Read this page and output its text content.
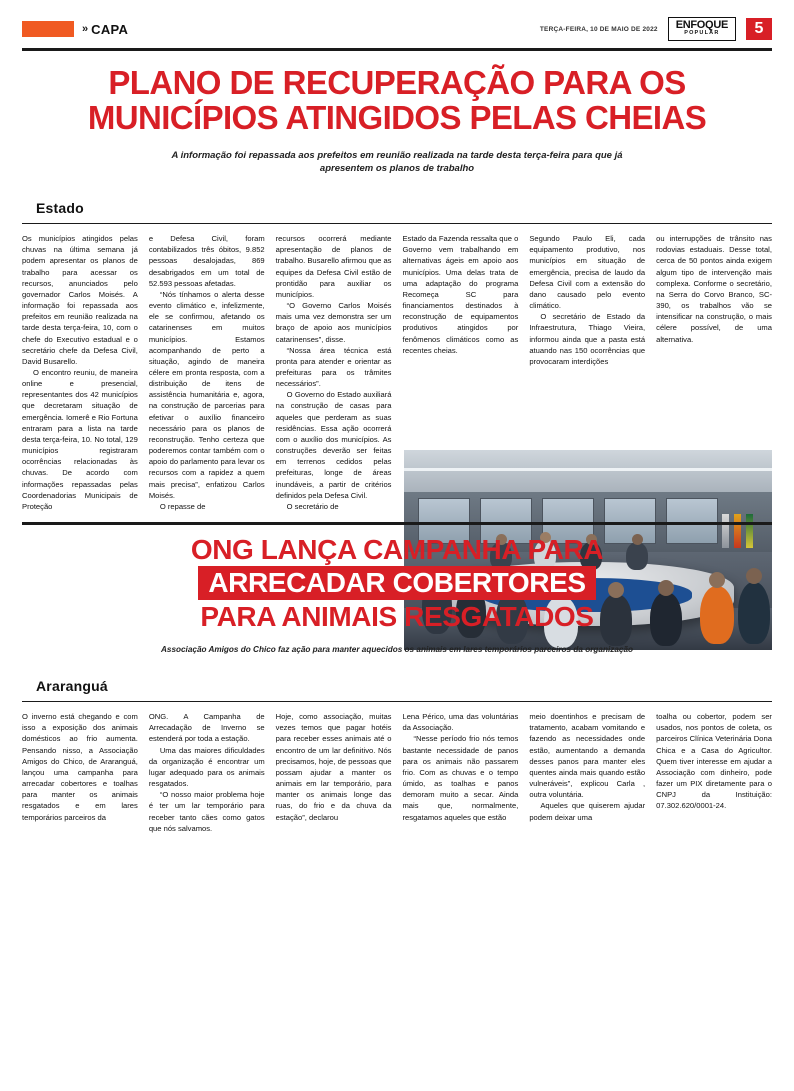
» CAPA	TERÇA-FEIRA, 10 DE MAIO DE 2022 ENFOQUE
POPULAR	5
PLANO DE RECUPERAÇÃO PARA OS
MUNICÍPIOS ATINGIDOS PELAS CHEIAS
A informação foi repassada aos prefeitos em reunião realizada na tarde desta terça-feira para que já apresentem os planos de trabalho
Estado

Os municípios atingidos pelas chuvas na última semana já podem apresentar os planos de trabalho para acessar os recursos, anunciados pelo governador Carlos Moisés. A informação foi repassada aos prefeitos em reunião realizada na tarde desta terça-feira, 10, com o chefe do Executivo estadual e o secretário chefe da Defesa Civil, David Busarello.

O encontro reuniu, de maneira online e presencial, representantes dos 42 municípios que decretaram situação de emergência. Iomerê e Rio Fortuna entraram para a lista na tarde desta terça-feira, 10. No total, 129 municípios registraram ocorrências relacionadas às chuvas. De acordo com informações repassadas pelas Coordenadorias Municipais de Proteção

e Defesa Civil, foram contabilizados três óbitos, 9.852 pessoas desalojadas, 869 desabrigados em um total de 52.593 pessoas afetadas.

“Nós tínhamos o alerta desse evento climático e, infelizmente, ele se confirmou, afetando os catarinenses em muitos municípios. Estamos acompanhando de perto a situação, agindo de maneira célere em pronta resposta, com a distribuição de itens de assistência humanitária e, agora, na construção de parcerias para efetivar o auxílio financeiro necessário para os planos de reconstrução. Tenho certeza que poderemos contar também com o apoio do parlamento para levar os recursos com a rapidez a quem mais precisa”, enfatizou Carlos Moisés.

O repasse de

recursos ocorrerá mediante apresentação de planos de trabalho. Busarello afirmou que as equipes da Defesa Civil estão de prontidão para auxiliar os municípios.

“O Governo Carlos Moisés mais uma vez demonstra ser um braço de apoio aos municípios catarinenses”, disse.

“Nossa área técnica está pronta para atender e orientar as prefeituras para os trâmites necessários”.

O Governo do Estado auxiliará na construção de casas para aqueles que perderam as suas residências. Essa ação ocorrerá com o auxílio dos municípios. As construções deverão ser feitas em terrenos cedidos pelas prefeituras, longe de áreas inundáveis, a partir de critérios definidos pela Defesa Civil.

O secretário de

Estado da Fazenda ressalta que o Governo vem trabalhando em alternativas ágeis em apoio aos municípios. Uma delas trata de uma adaptação do programa Recomeça SC para financiamentos destinados à reconstrução de equipamentos produtivos atingidos por fenômenos climáticos como as recentes cheias.

Segundo Paulo Eli, cada equipamento produtivo, nos municípios em situação de emergência, precisa de laudo da Defesa Civil com a extensão do dano causado pelo evento climático.

O secretário de Estado da Infraestrutura, Thiago Vieira, informou ainda que a pasta está atuando nas 150 ocorrências que provocaram interdições

ou interrupções de trânsito nas rodovias estaduais. Desse total, cerca de 50 pontos ainda exigem algum tipo de intervenção mais complexa. Conforme o secretário, na Serra do Corvo Branco, SC-390, os trabalhos vão se intensificar na construção, o mais célere possível, de uma alternativa.

ONG LANÇA CAMPANHA PARA
ARRECADAR COBERTORES
PARA ANIMAIS RESGATADOS
Associação Amigos do Chico faz ação para manter aquecidos os animais em lares temporários parceiros da organização
Araranguá

O inverno está chegando e com isso a exposição dos animais domésticos ao frio aumenta. Pensando nisso, a Associação Amigos do Chico, de Araranguá, lançou uma campanha para arrecadar cobertores e toalhas para manter os animais resgatados e em lares temporários parceiros da

ONG. A Campanha de Arrecadação de Inverno se estenderá por toda a estação.

Uma das maiores dificuldades da organização é encontrar um lugar adequado para os animais resgatados.

“O nosso maior problema hoje é ter um lar temporário para receber tanto cães como gatos que nós salvamos.

Hoje, como associação, muitas vezes temos que pagar hotéis para receber esses animais até o encontro de um lar definitivo. Nós precisamos, hoje, de pessoas que possam ajudar a manter os animais em lar temporário, para manter os animais longe das ruas, do frio e da chuva da estação”, declarou

Lena Périco, uma das voluntárias da Associação.

“Nesse período frio nós temos bastante necessidade de panos para os animais não passarem frio. Com as chuvas e o tempo úmido, as toalhas e panos demoram muito a secar. Ainda mais que, normalmente, resgatamos aqueles que estão

meio doentinhos e precisam de tratamento, acabam vomitando e fazendo as necessidades onde estão, aumentando a demanda desses panos para manter eles quentes ainda mais quando estão vulneráveis”, explicou Carla , outra voluntária.

Aqueles que quiserem ajudar podem deixar uma

toalha ou cobertor, podem ser usados, nos pontos de coleta, os parceiros Clínica Veterinária Dona Chica e a Casa do Agricultor. Quem tiver interesse em ajudar a Associação com dinheiro, pode fazer um PIX diretamente para o CNPJ da Instituição: 07.302.620/0001-24.
